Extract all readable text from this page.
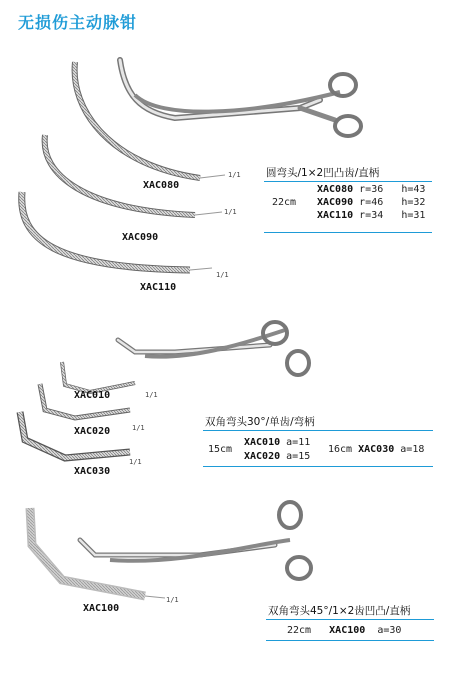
无损伤主动脉钳
XAC080
XAC090
XAC110
1/1
1/1
1/1
圆弯头/1×2凹凸齿/直柄
22cm
XAC080 r=36 h=43
XAC090 r=46 h=32
XAC110 r=34 h=31
XAC010
XAC020
XAC030
1/1
1/1
1/1
双角弯头30°/单齿/弯柄
15cm
XAC010 a=11
XAC020 a=15
16cm XAC030 a=18
XAC100
1/1
双角弯头45°/1×2齿凹凸/直柄
22cm XAC100 a=30
